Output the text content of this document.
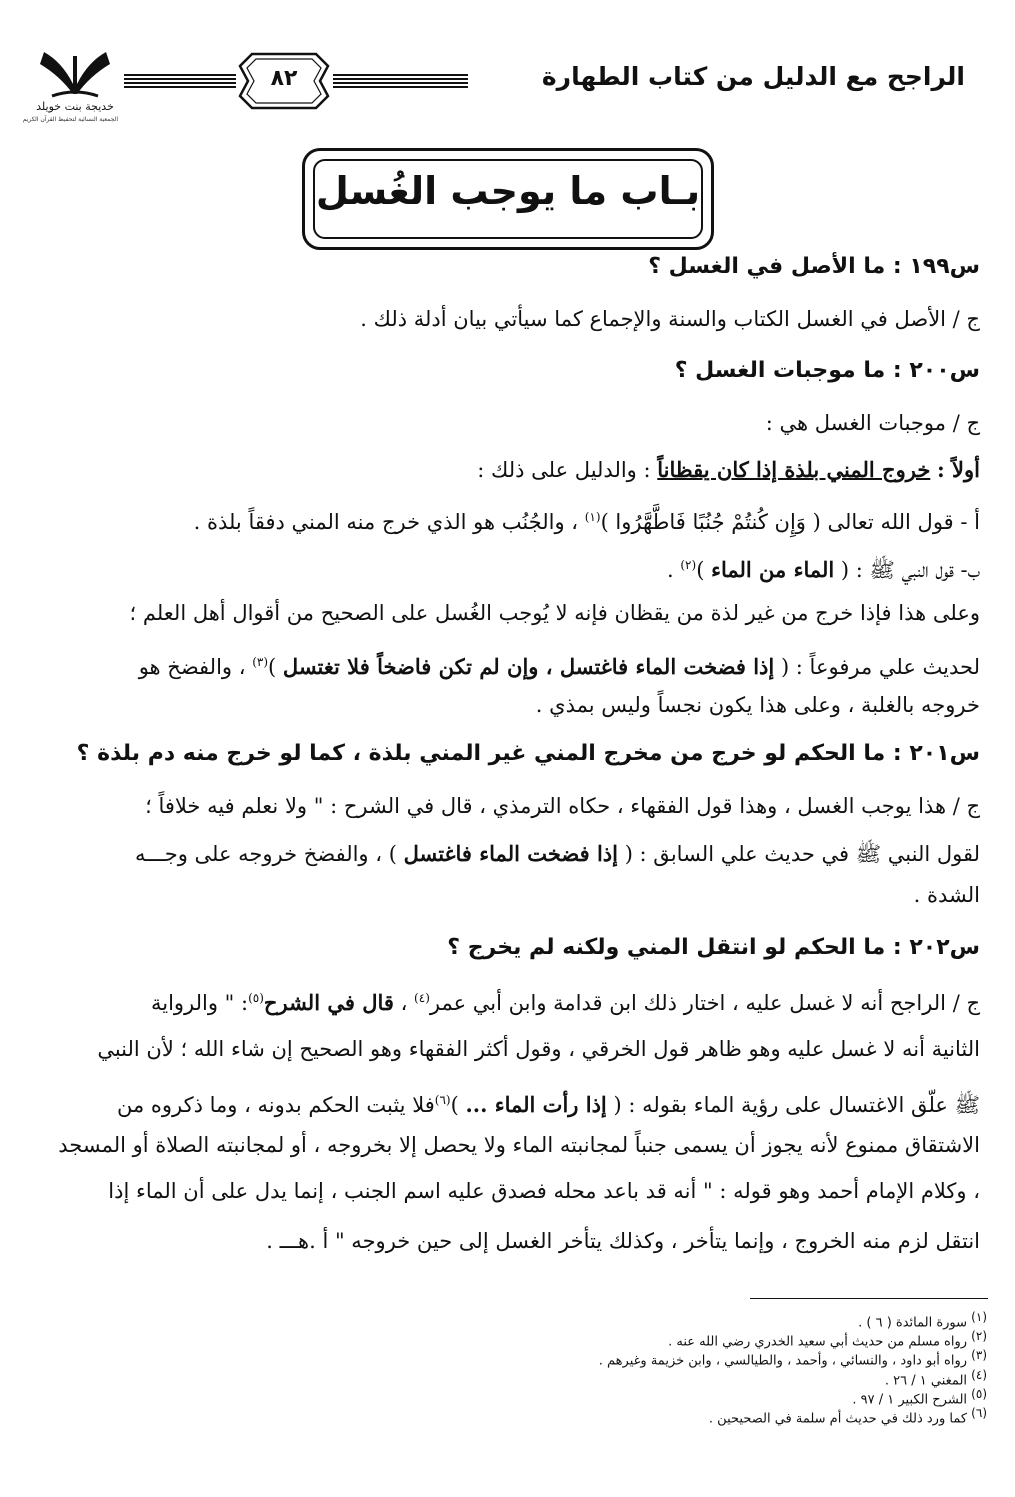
الراجح مع الدليل من كتاب الطهارة
٨٢
خديجة بنت خويلد
الجمعية النسائية لتحفيظ القرآن الكريم
بـاب ما يوجب الغُسل
س١٩٩ : ما الأصل في الغسل ؟
ج / الأصل في الغسل الكتاب والسنة والإجماع كما سيأتي بيان أدلة ذلك .
س٢٠٠ : ما موجبات الغسل ؟
ج / موجبات الغسل هي :
أولاً : خروج المني بلذة إذا كان يقظاناً : والدليل على ذلك :
أ - قول الله تعالى ( وَإِن كُنتُمْ جُنُبًا فَاطَّهَّرُوا )$^{(١)}$ ، والجُنُب هو الذي خرج منه المني دفقاً بلذة .
ب- قول النبي ﷺ : ( الماء من الماء )$^{(٢)}$ .
وعلى هذا فإذا خرج من غير لذة من يقظان فإنه لا يُوجب الغُسل على الصحيح من أقوال أهل العلم ؛
لحديث علي مرفوعاً : ( إذا فضخت الماء فاغتسل ، وإن لم تكن فاضخاً فلا تغتسل )$^{(٣)}$ ، والفضخ هو
خروجه بالغلبة ، وعلى هذا يكون نجساً وليس بمذي .
س٢٠١ : ما الحكم لو خرج من مخرج المني غير المني بلذة ، كما لو خرج منه دم بلذة ؟
ج / هذا يوجب الغسل ، وهذا قول الفقهاء ، حكاه الترمذي ، قال في الشرح : " ولا نعلم فيه خلافاً ؛
لقول النبي ﷺ في حديث علي السابق : ( إذا فضخت الماء فاغتسل ) ، والفضخ خروجه على وجـــه
الشدة .
س٢٠٢ : ما الحكم لو انتقل المني ولكنه لم يخرج ؟
ج / الراجح أنه لا غسل عليه ، اختار ذلك ابن قدامة وابن أبي عمر$^{(٤)}$ ، قال في الشرح$^{(٥)}$: " والرواية
الثانية أنه لا غسل عليه وهو ظاهر قول الخرقي ، وقول أكثر الفقهاء وهو الصحيح إن شاء الله ؛ لأن النبي
ﷺ علّق الاغتسال على رؤية الماء بقوله : ( إذا رأت الماء ... )$^{(٦)}$فلا يثبت الحكم بدونه ، وما ذكروه من
الاشتقاق ممنوع لأنه يجوز أن يسمى جنباً لمجانبته الماء ولا يحصل إلا بخروجه ، أو لمجانبته الصلاة أو المسجد
، وكلام الإمام أحمد وهو قوله : " أنه قد باعد محله فصدق عليه اسم الجنب ، إنما يدل على أن الماء إذا
انتقل لزم منه الخروج ، وإنما يتأخر ، وكذلك يتأخر الغسل إلى حين خروجه " أ .هـــ .
$^{(١)}$ سورة المائدة ( ٦ ) .
$^{(٢)}$ رواه مسلم من حديث أبي سعيد الخدري رضي الله عنه .
$^{(٣)}$ رواه أبو داود ، والنسائي ، وأحمد ، والطيالسي ، وابن خزيمة وغيرهم .
$^{(٤)}$ المغني ١ / ٢٦ .
$^{(٥)}$ الشرح الكبير ١ / ٩٧ .
$^{(٦)}$ كما ورد ذلك في حديث أم سلمة في الصحيحين .
